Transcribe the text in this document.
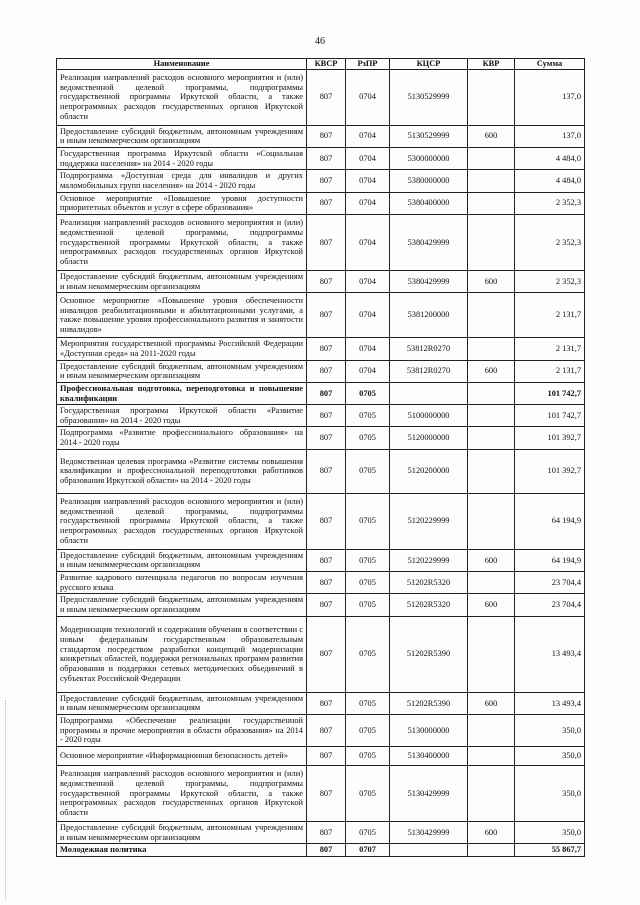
46
Наименование	КВСР	РзПР	КЦСР	КВР	Сумма
Реализация направлений расходов основного мероприятия и (или) ведомственной целевой программы, подпрограммы государственной программы Иркутской области, а также непрограммных расходов государственных органов Иркутской области	807	0704	5130529999		137,0
Предоставление субсидий бюджетным, автономным учреждениям и иным некоммерческим организациям	807	0704	5130529999	600	137,0
Государственная программа Иркутской области «Социальная поддержка населения» на 2014 - 2020 годы	807	0704	5300000000		4 484,0
Подпрограмма «Доступная среда для инвалидов и других маломобильных групп населения» на 2014 - 2020 годы	807	0704	5380000000		4 484,0
Основное мероприятие «Повышение уровня доступности приоритетных объектов и услуг в сфере образования»	807	0704	5380400000		2 352,3
Реализация направлений расходов основного мероприятия и (или) ведомственной целевой программы, подпрограммы государственной программы Иркутской области, а также непрограммных расходов государственных органов Иркутской области	807	0704	5380429999		2 352,3
Предоставление субсидий бюджетным, автономным учреждениям и иным некоммерческим организациям	807	0704	5380429999	600	2 352,3
Основное мероприятие «Повышение уровня обеспеченности инвалидов реабилитационными и абилитационными услугами, а также повышение уровня профессионального развития и занятости инвалидов»	807	0704	5381200000		2 131,7
Мероприятия государственной программы Российской Федерации «Доступная среда» на 2011-2020 годы	807	0704	53812R0270		2 131,7
Предоставление субсидий бюджетным, автономным учреждениям и иным некоммерческим организациям	807	0704	53812R0270	600	2 131,7
Профессиональная подготовка, переподготовка и повышение квалификации	807	0705			101 742,7
Государственная программа Иркутской области «Развитие образования» на 2014 - 2020 годы	807	0705	5100000000		101 742,7
Подпрограмма «Развитие профессионального образования» на 2014 - 2020 годы	807	0705	5120000000		101 392,7
Ведомственная целевая программа «Развитие системы повышения квалификации и профессиональной переподготовки работников образования Иркутской области» на 2014 - 2020 годы	807	0705	5120200000		101 392,7
Реализация направлений расходов основного мероприятия и (или) ведомственной целевой программы, подпрограммы государственной программы Иркутской области, а также непрограммных расходов государственных органов Иркутской области	807	0705	5120229999		64 194,9
Предоставление субсидий бюджетным, автономным учреждениям и иным некоммерческим организациям	807	0705	5120229999	600	64 194,9
Развитие кадрового потенциала педагогов по вопросам изучения русского языка	807	0705	51202R5320		23 704,4
Предоставление субсидий бюджетным, автономным учреждениям и иным некоммерческим организациям	807	0705	51202R5320	600	23 704,4
Модернизация технологий и содержания обучения в соответствии с новым федеральным государственным образовательным стандартом посредством разработки концепций модернизации конкретных областей, поддержки региональных программ развития образования и поддержки сетевых методических объединений в субъектах Российской Федерации	807	0705	51202R5390		13 493,4
Предоставление субсидий бюджетным, автономным учреждениям и иным некоммерческим организациям	807	0705	51202R5390	600	13 493,4
Подпрограмма «Обеспечение реализации государственной программы и прочие мероприятия в области образования» на 2014 - 2020 годы	807	0705	5130000000		350,0
Основное мероприятие «Информационная безопасность детей»	807	0705	5130400000		350,0
Реализация направлений расходов основного мероприятия и (или) ведомственной целевой программы, подпрограммы государственной программы Иркутской области, а также непрограммных расходов государственных органов Иркутской области	807	0705	5130429999		350,0
Предоставление субсидий бюджетным, автономным учреждениям и иным некоммерческим организациям	807	0705	5130429999	600	350,0
Молодежная политика	807	0707			55 867,7
